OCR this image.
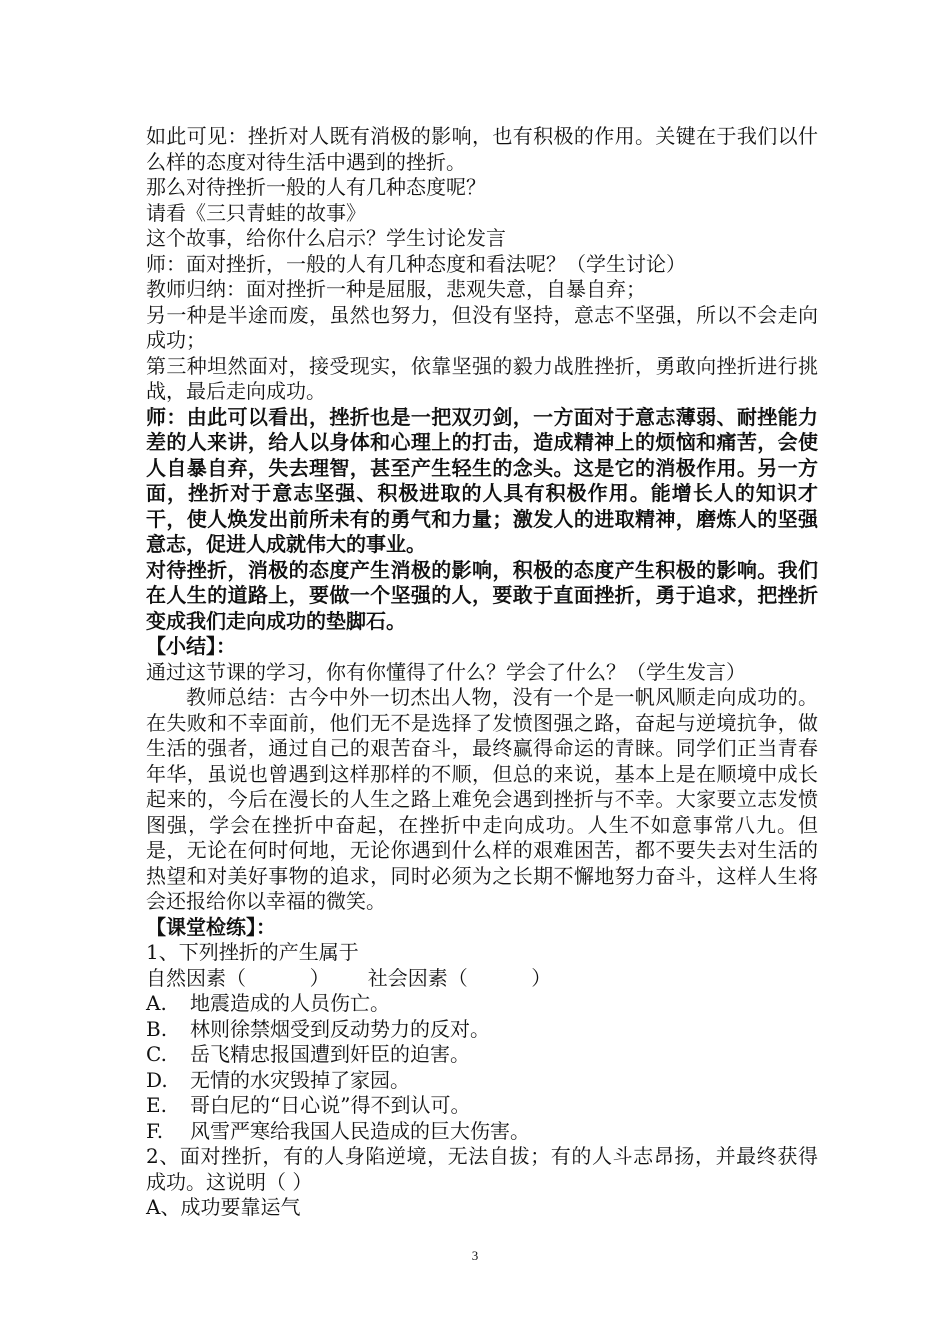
如此可见：挫折对人既有消极的影响，也有积极的作用。关键在于我们以什么样的态度对待生活中遇到的挫折。

那么对待挫折一般的人有几种态度呢？

请看《三只青蛙的故事》

这个故事，给你什么启示？学生讨论发言

师：面对挫折，一般的人有几种态度和看法呢？（学生讨论）

教师归纳：面对挫折一种是屈服，悲观失意，自暴自弃；

另一种是半途而废，虽然也努力，但没有坚持，意志不坚强，所以不会走向成功；

第三种坦然面对，接受现实，依靠坚强的毅力战胜挫折，勇敢向挫折进行挑战，最后走向成功。

师：由此可以看出，挫折也是一把双刃剑，一方面对于意志薄弱、耐挫能力差的人来讲，给人以身体和心理上的打击，造成精神上的烦恼和痛苦，会使人自暴自弃，失去理智，甚至产生轻生的念头。这是它的消极作用。另一方面，挫折对于意志坚强、积极进取的人具有积极作用。能增长人的知识才干，使人焕发出前所未有的勇气和力量；激发人的进取精神，磨炼人的坚强意志，促进人成就伟大的事业。

对待挫折，消极的态度产生消极的影响，积极的态度产生积极的影响。我们在人生的道路上，要做一个坚强的人，要敢于直面挫折，勇于追求，把挫折变成我们走向成功的垫脚石。

【小结】：

通过这节课的学习，你有你懂得了什么？学会了什么？（学生发言）

教师总结：古今中外一切杰出人物，没有一个是一帆风顺走向成功的。在失败和不幸面前，他们无不是选择了发愤图强之路，奋起与逆境抗争，做生活的强者，通过自己的艰苦奋斗，最终赢得命运的青睐。同学们正当青春年华，虽说也曾遇到这样那样的不顺，但总的来说，基本上是在顺境中成长起来的，今后在漫长的人生之路上难免会遇到挫折与不幸。大家要立志发愤图强，学会在挫折中奋起，在挫折中走向成功。人生不如意事常八九。但是，无论在何时何地，无论你遇到什么样的艰难困苦，都不要失去对生活的热望和对美好事物的追求，同时必须为之长期不懈地努力奋斗，这样人生将会还报给你以幸福的微笑。

【课堂检练】：

1、下列挫折的产生属于

自然因素（          ）      社会因素（          ）

A. 地震造成的人员伤亡。

B. 林则徐禁烟受到反动势力的反对。

C. 岳飞精忠报国遭到奸臣的迫害。

D. 无情的水灾毁掉了家园。

E. 哥白尼的“日心说”得不到认可。

F. 风雪严寒给我国人民造成的巨大伤害。

2、面对挫折，有的人身陷逆境，无法自拔；有的人斗志昂扬，并最终获得成功。这说明（ ）

A、成功要靠运气

3
